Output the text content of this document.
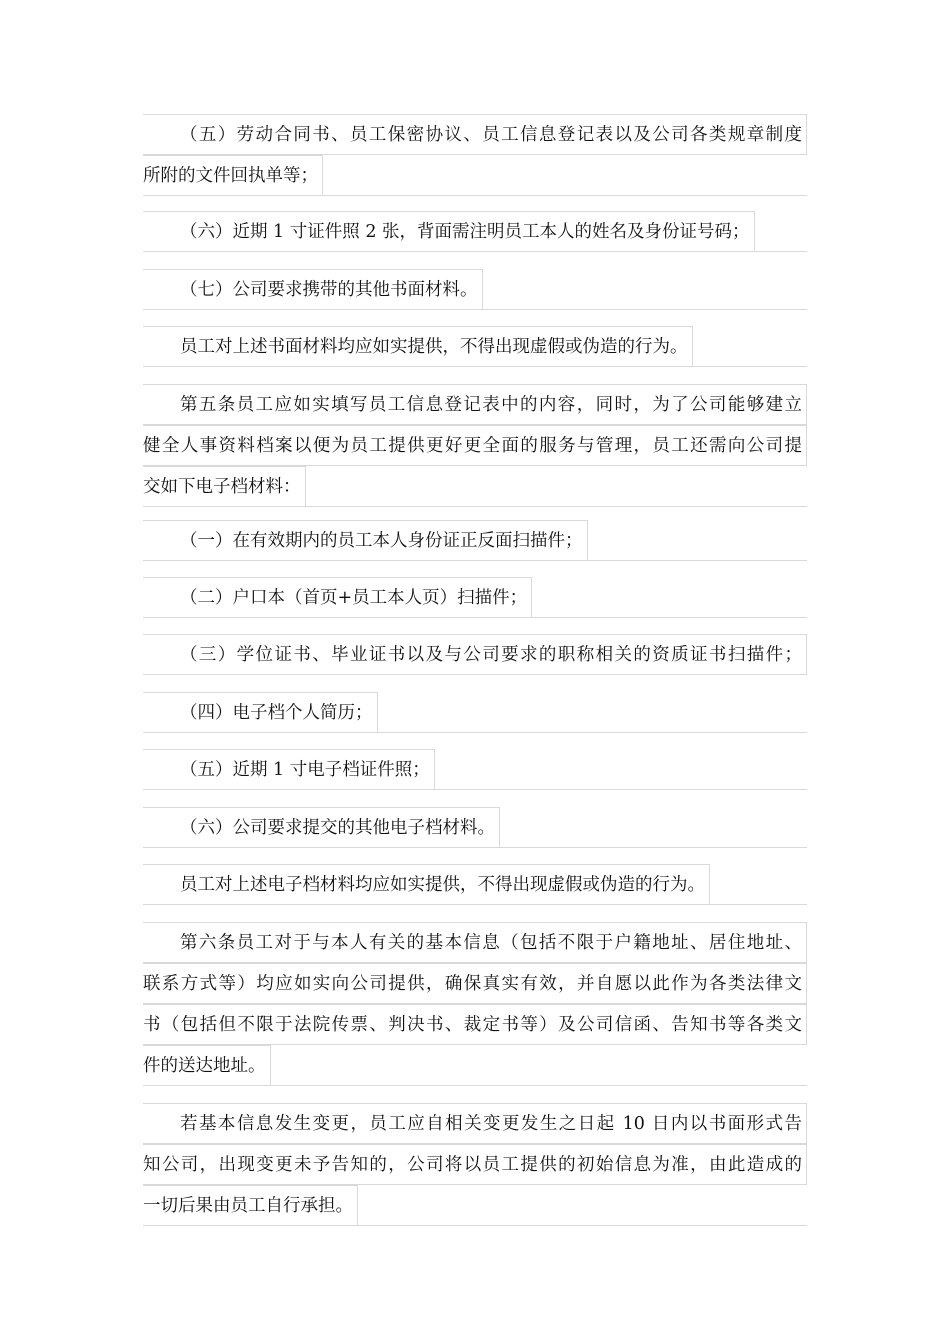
（五）劳动合同书、员工保密协议、员工信息登记表以及公司各类规章制度
所附的文件回执单等；
（六）近期 1 寸证件照 2 张，背面需注明员工本人的姓名及身份证号码；
（七）公司要求携带的其他书面材料。
员工对上述书面材料均应如实提供，不得出现虚假或伪造的行为。
第五条员工应如实填写员工信息登记表中的内容，同时，为了公司能够建立
健全人事资料档案以便为员工提供更好更全面的服务与管理，员工还需向公司提
交如下电子档材料：
（一）在有效期内的员工本人身份证正反面扫描件；
（二）户口本（首页+员工本人页）扫描件；
（三）学位证书、毕业证书以及与公司要求的职称相关的资质证书扫描件；
（四）电子档个人简历；
（五）近期 1 寸电子档证件照；
（六）公司要求提交的其他电子档材料。
员工对上述电子档材料均应如实提供，不得出现虚假或伪造的行为。
第六条员工对于与本人有关的基本信息（包括不限于户籍地址、居住地址、
联系方式等）均应如实向公司提供，确保真实有效，并自愿以此作为各类法律文
书（包括但不限于法院传票、判决书、裁定书等）及公司信函、告知书等各类文
件的送达地址。
若基本信息发生变更，员工应自相关变更发生之日起 10 日内以书面形式告
知公司，出现变更未予告知的，公司将以员工提供的初始信息为准，由此造成的
一切后果由员工自行承担。
